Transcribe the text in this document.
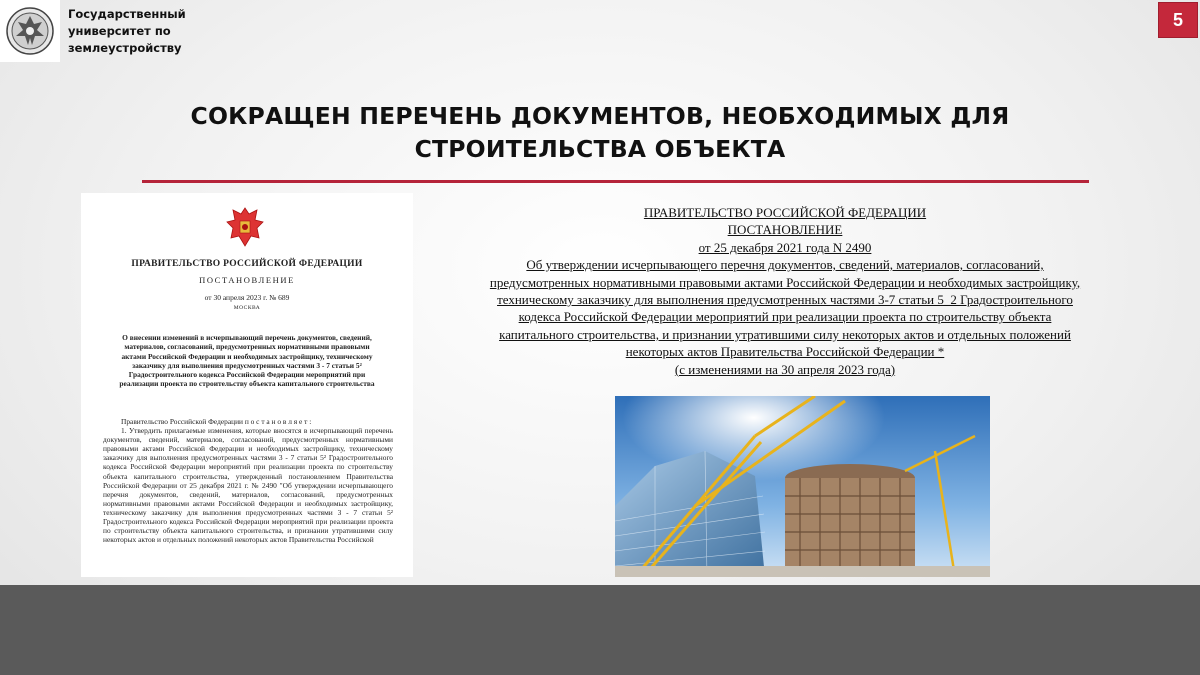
Государственный
университет по
землеустройству
5
СОКРАЩЕН ПЕРЕЧЕНЬ ДОКУМЕНТОВ, НЕОБХОДИМЫХ ДЛЯ
СТРОИТЕЛЬСТВА ОБЪЕКТА
ПРАВИТЕЛЬСТВО РОССИЙСКОЙ ФЕДЕРАЦИИ
ПОСТАНОВЛЕНИЕ
от 30 апреля 2023 г. № 689
МОСКВА
О внесении изменений в исчерпывающий перечень документов, сведений, материалов, согласований, предусмотренных нормативными правовыми актами Российской Федерации и необходимых застройщику, техническому заказчику для выполнения предусмотренных частями 3 - 7 статьи 5² Градостроительного кодекса Российской Федерации мероприятий при реализации проекта по строительству объекта капитального строительства

Правительство Российской Федерации п о с т а н о в л я е т :

1. Утвердить прилагаемые изменения, которые вносятся в исчерпывающий перечень документов, сведений, материалов, согласований, предусмотренных нормативными правовыми актами Российской Федерации и необходимых застройщику, техническому заказчику для выполнения предусмотренных частями 3 - 7 статьи 5² Градостроительного кодекса Российской Федерации мероприятий при реализации проекта по строительству объекта капитального строительства, утвержденный постановлением Правительства Российской Федерации от 25 декабря 2021 г. № 2490 "Об утверждении исчерпывающего перечня документов, сведений, материалов, согласований, предусмотренных нормативными правовыми актами Российской Федерации и необходимых застройщику, техническому заказчику для выполнения предусмотренных частями 3 - 7 статьи 5² Градостроительного кодекса Российской Федерации мероприятий при реализации проекта по строительству объекта капитального строительства, и признании утратившими силу некоторых актов и отдельных положений некоторых актов Правительства Российской

ПРАВИТЕЛЬСТВО РОССИЙСКОЙ ФЕДЕРАЦИИ
ПОСТАНОВЛЕНИЕ
от 25 декабря 2021 года N 2490
Об утверждении исчерпывающего перечня документов, сведений, материалов, согласований,
предусмотренных нормативными правовыми актами Российской Федерации и необходимых застройщику,
техническому заказчику для выполнения предусмотренных частями 3-7 статьи 5_2 Градостроительного
кодекса Российской Федерации мероприятий при реализации проекта по строительству объекта
капитального строительства, и признании утратившими силу некоторых актов и отдельных положений
некоторых актов Правительства Российской Федерации *
(с изменениями на 30 апреля 2023 года)
